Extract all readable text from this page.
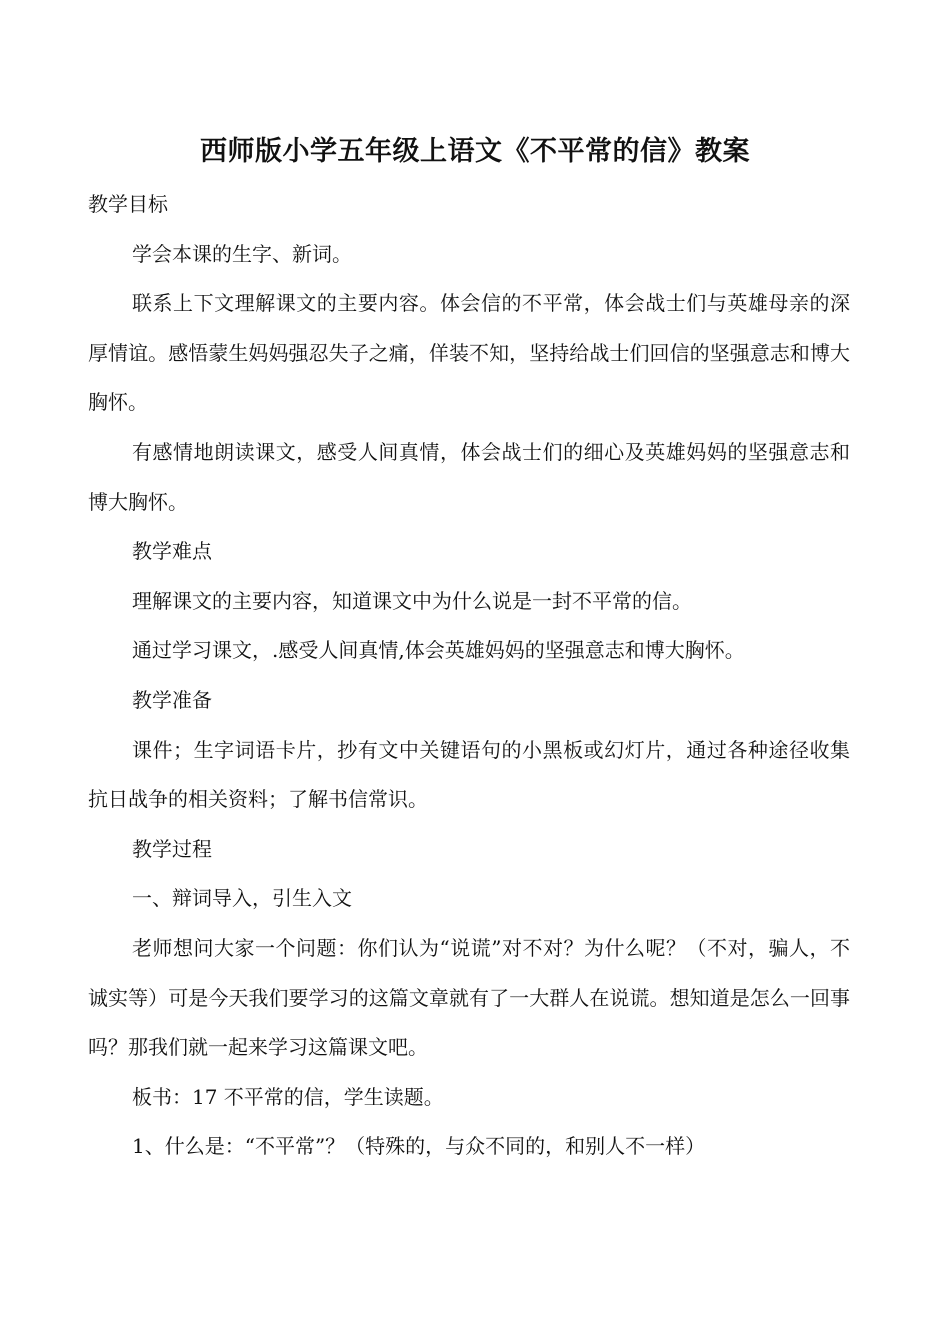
西师版小学五年级上语文《不平常的信》教案

教学目标

学会本课的生字、新词。

联系上下文理解课文的主要内容。体会信的不平常，体会战士们与英雄母亲的深厚情谊。感悟蒙生妈妈强忍失子之痛，佯装不知，坚持给战士们回信的坚强意志和博大胸怀。

有感情地朗读课文，感受人间真情，体会战士们的细心及英雄妈妈的坚强意志和博大胸怀。

教学难点

理解课文的主要内容，知道课文中为什么说是一封不平常的信。

通过学习课文，.感受人间真情,体会英雄妈妈的坚强意志和博大胸怀。

教学准备

课件；生字词语卡片，抄有文中关键语句的小黑板或幻灯片，通过各种途径收集抗日战争的相关资料；了解书信常识。

教学过程

一、辩词导入，引生入文

老师想问大家一个问题：你们认为“说谎”对不对？为什么呢？（不对，骗人，不诚实等）可是今天我们要学习的这篇文章就有了一大群人在说谎。想知道是怎么一回事吗？那我们就一起来学习这篇课文吧。

板书：17 不平常的信，学生读题。

1、什么是：“不平常”？（特殊的，与众不同的，和别人不一样）
